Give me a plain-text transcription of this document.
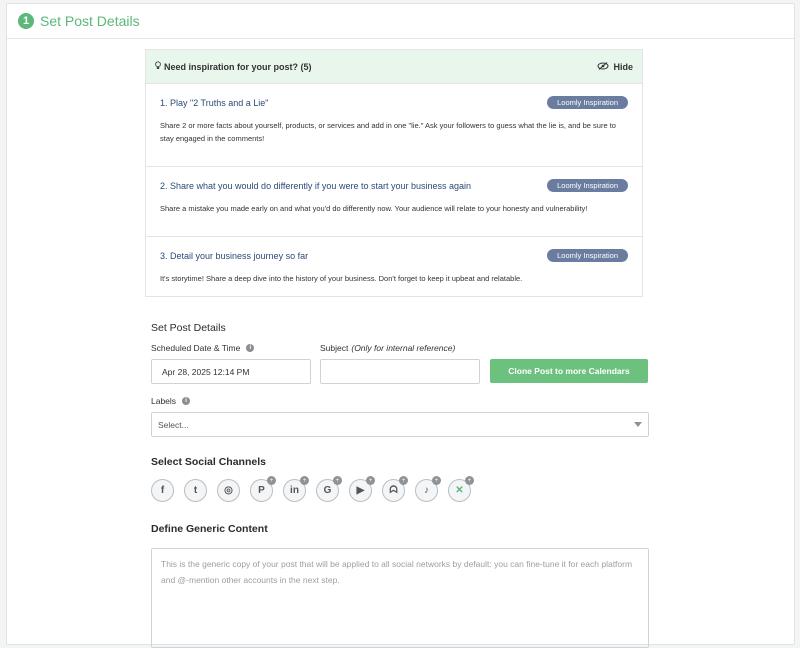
1 Set Post Details
Need inspiration for your post? (5)	Hide
1. Play "2 Truths and a Lie"	Loomly Inspiration
Share 2 or more facts about yourself, products, or services and add in one "lie." Ask your followers to guess what the lie is, and be sure to stay engaged in the comments!
2. Share what you would do differently if you were to start your business again	Loomly Inspiration
Share a mistake you made early on and what you'd do differently now. Your audience will relate to your honesty and vulnerability!
3. Detail your business journey so far	Loomly Inspiration
It's storytime! Share a deep dive into the history of your business. Don't forget to keep it upbeat and relatable.
Set Post Details
Scheduled Date & Time	i
Apr 28, 2025 12:14 PM
Subject (Only for internal reference)
Clone Post to more Calendars
Labels	i
Select...
Select Social Channels
f	t	◎	P
+
in
+
G
+
▶
+
ᗣ
+
♪
+
✕
+
Define Generic Content
This is the generic copy of your post that will be applied to all social networks by default: you can fine-tune it for each platform and @-mention other accounts in the next step.
